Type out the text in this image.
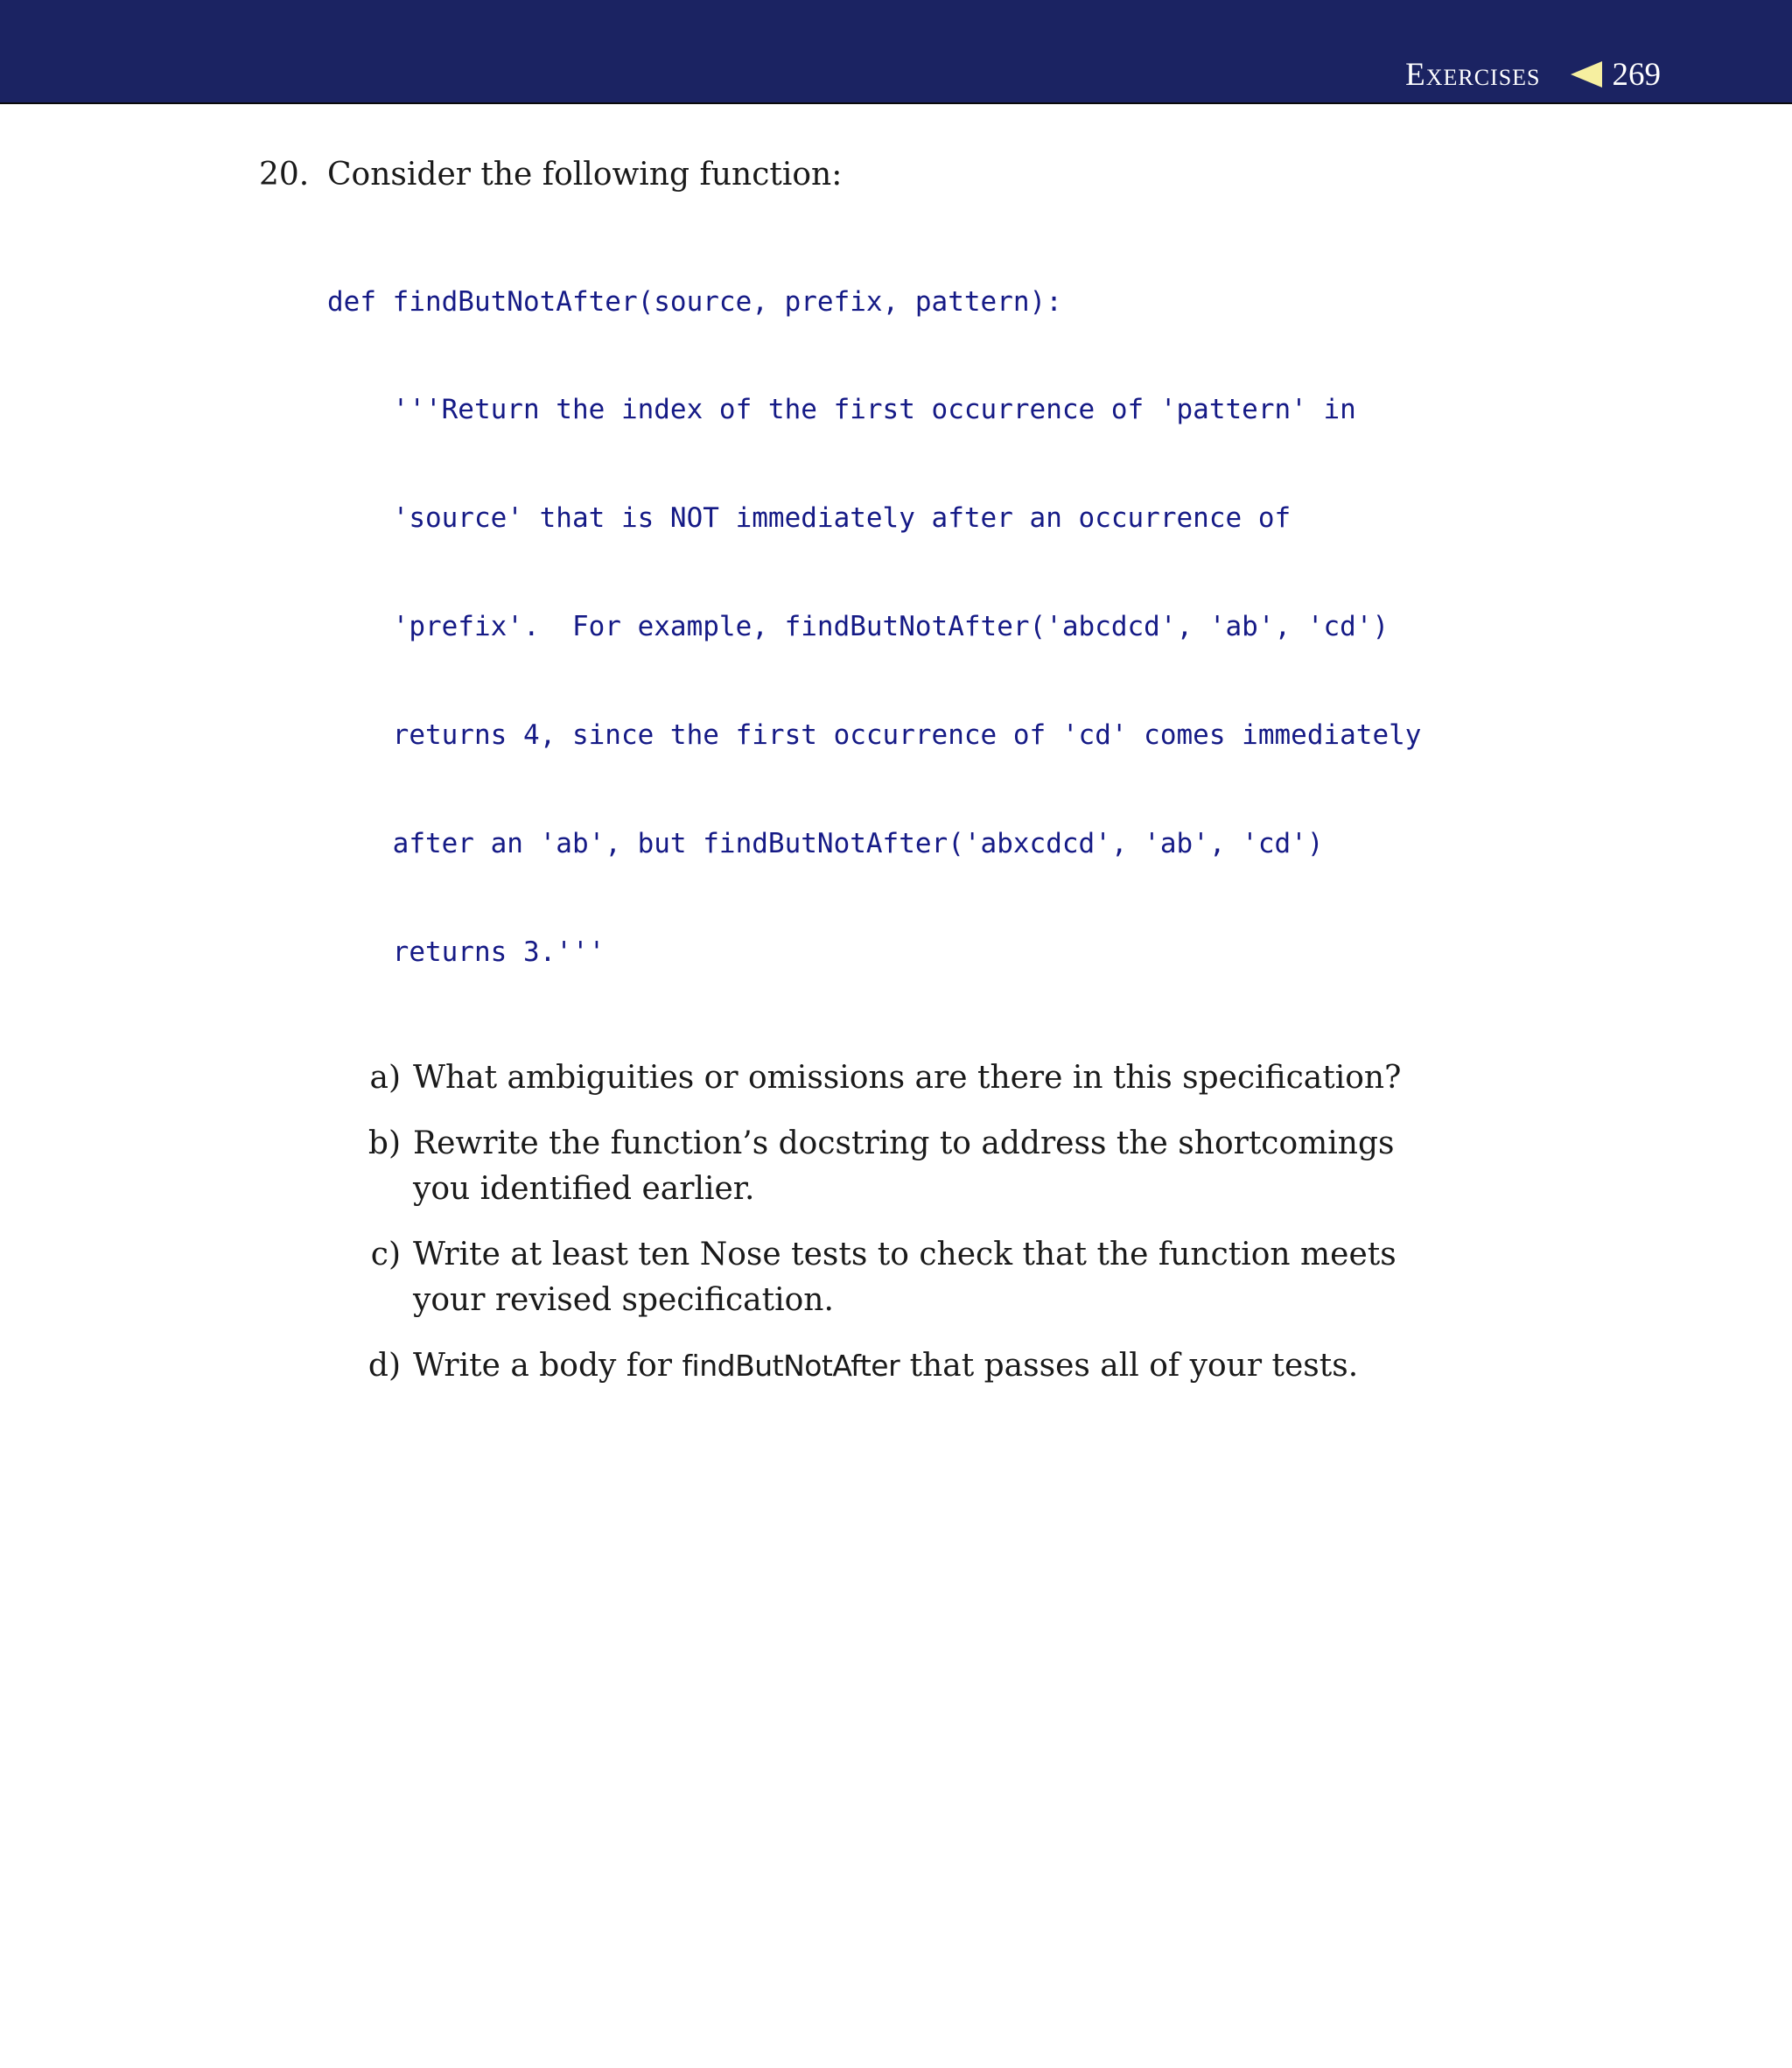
Exercises 269
20. Consider the following function:

def findButNotAfter(source, prefix, pattern):

'''Return the index of the first occurrence of 'pattern' in

'source' that is NOT immediately after an occurrence of

'prefix'.  For example, findButNotAfter('abcdcd', 'ab', 'cd')

returns 4, since the first occurrence of 'cd' comes immediately

after an 'ab', but findButNotAfter('abxcdcd', 'ab', 'cd')

returns 3.'''

a) What ambiguities or omissions are there in this specification?
b) Rewrite the function’s docstring to address the shortcomings you identified earlier.
c) Write at least ten Nose tests to check that the function meets your revised specification.
d) Write a body for findButNotAfter that passes all of your tests.
